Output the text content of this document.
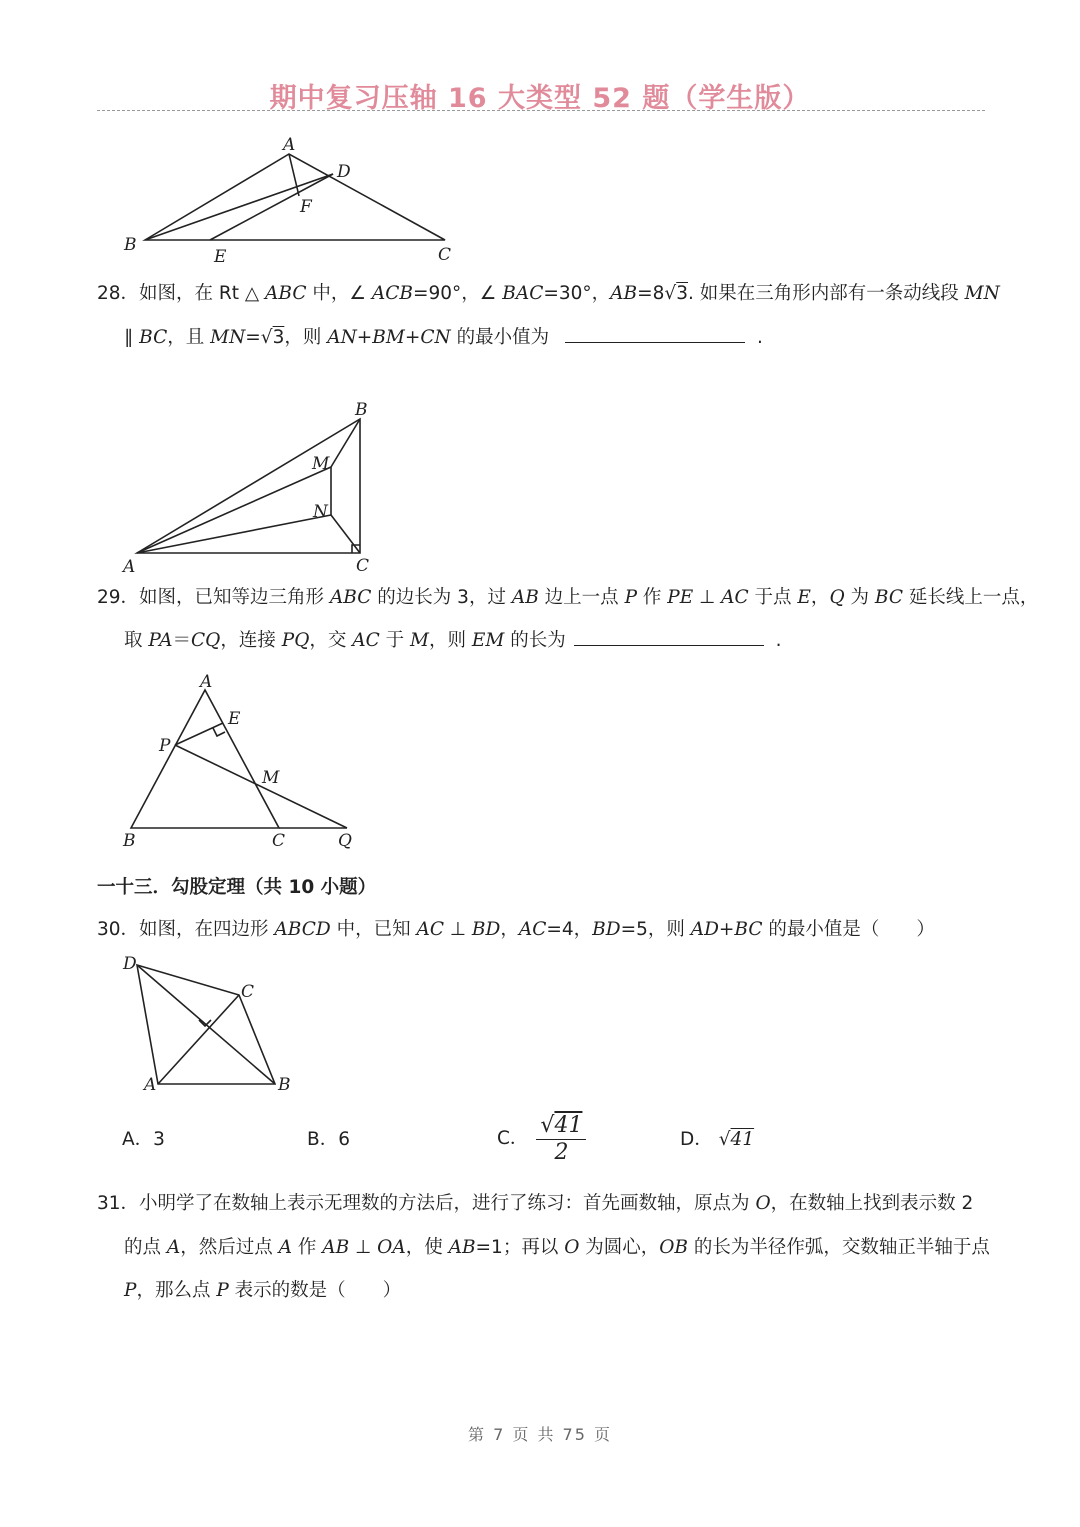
期中复习压轴 16 大类型 52 题（学生版）
A
D
F
B
E	C
28．如图，在 Rt △ ABC 中，∠ ACB=90°，∠ BAC=30°，AB=8√3. 如果在三角形内部有一条动线段 MN
∥ BC，且 MN=√3，则 AN+BM+CN 的最小值为	.
B
M
N
A	C
29．如图，已知等边三角形 ABC 的边长为 3，过 AB 边上一点 P 作 PE ⊥ AC 于点 E，Q 为 BC 延长线上一点，
取 PA＝CQ，连接 PQ，交 AC 于 M，则 EM 的长为	.
A
E
P
M
B	C	Q
一十三．勾股定理（共 10 小题）
30．如图，在四边形 ABCD 中，已知 AC ⊥ BD，AC=4，BD=5，则 AD+BC 的最小值是（　　）
D
C
A	B
A．3	B．6	C． $\frac{√41}{2}$	D． √41
31．小明学了在数轴上表示无理数的方法后，进行了练习：首先画数轴，原点为 O，在数轴上找到表示数 2
的点 A，然后过点 A 作 AB ⊥ OA，使 AB=1；再以 O 为圆心，OB 的长为半径作弧，交数轴正半轴于点
P，那么点 P 表示的数是（　　）
第 7 页 共 75 页
